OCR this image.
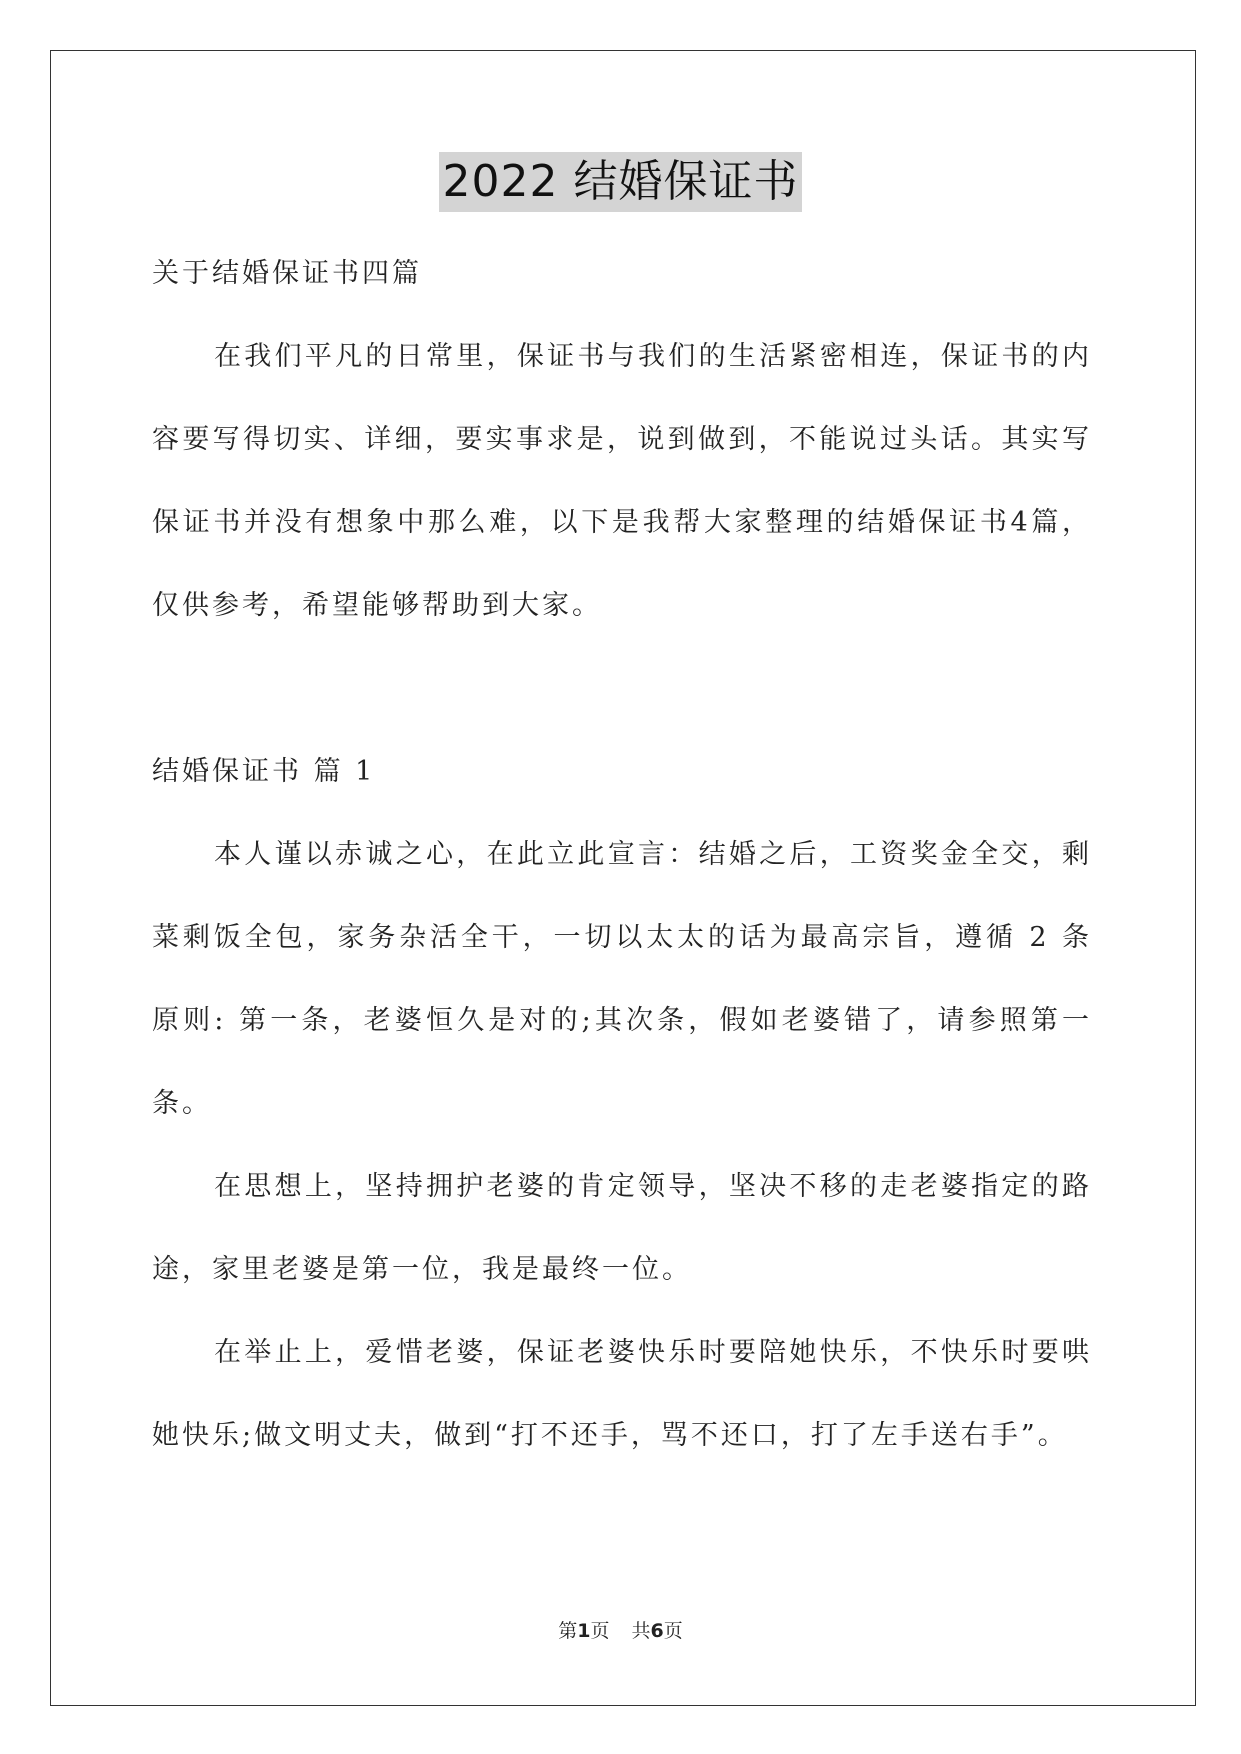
2022 结婚保证书

关于结婚保证书四篇

在我们平凡的日常里，保证书与我们的生活紧密相连，保证书的内容要写得切实、详细，要实事求是，说到做到，不能说过头话。其实写保证书并没有想象中那么难，以下是我帮大家整理的结婚保证书4篇，仅供参考，希望能够帮助到大家。

结婚保证书 篇 1

本人谨以赤诚之心，在此立此宣言：结婚之后，工资奖金全交，剩菜剩饭全包，家务杂活全干，一切以太太的话为最高宗旨，遵循 2 条原则: 第一条，老婆恒久是对的;其次条，假如老婆错了，请参照第一条。

在思想上，坚持拥护老婆的肯定领导，坚决不移的走老婆指定的路途，家里老婆是第一位，我是最终一位。

在举止上，爱惜老婆，保证老婆快乐时要陪她快乐，不快乐时要哄她快乐;做文明丈夫，做到“打不还手，骂不还口，打了左手送右手”。

第1页 共6页
